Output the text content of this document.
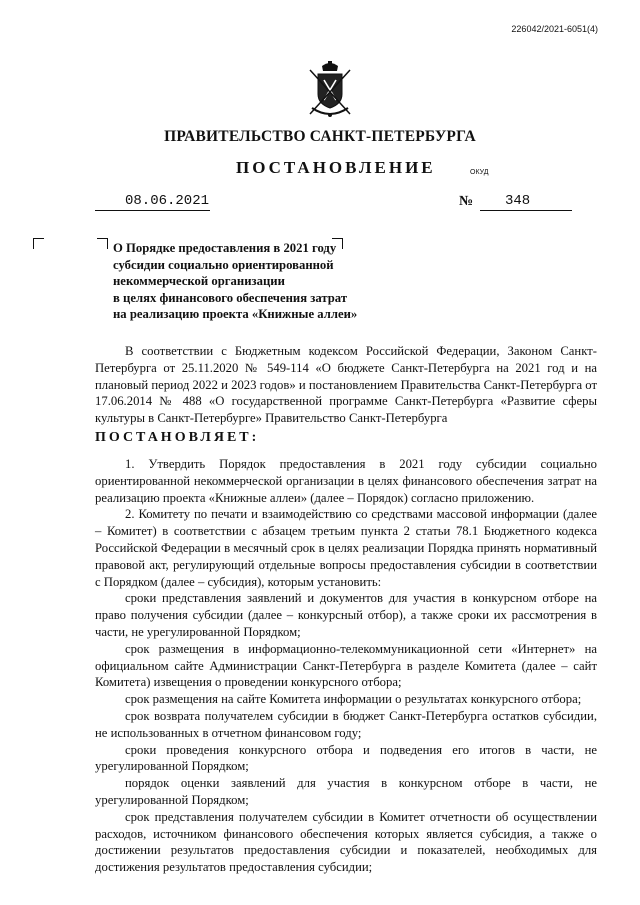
226042/2021-6051(4)
ПРАВИТЕЛЬСТВО САНКТ-ПЕТЕРБУРГА
ПОСТАНОВЛЕНИЕ	ОКУД
08.06.2021	№ 348
О Порядке предоставления в 2021 году
субсидии социально ориентированной
некоммерческой организации
в целях финансового обеспечения затрат
на реализацию проекта «Книжные аллеи»
В соответствии с Бюджетным кодексом Российской Федерации, Законом Санкт-Петербурга от 25.11.2020 № 549-114 «О бюджете Санкт-Петербурга на 2021 год и на плановый период 2022 и 2023 годов» и постановлением Правительства Санкт-Петербурга от 17.06.2014 № 488 «О государственной программе Санкт-Петербурга «Развитие сферы культуры в Санкт-Петербурге» Правительство Санкт-Петербурга
ПОСТАНОВЛЯЕТ:

1. Утвердить Порядок предоставления в 2021 году субсидии социально ориентированной некоммерческой организации в целях финансового обеспечения затрат на реализацию проекта «Книжные аллеи» (далее – Порядок) согласно приложению.

2. Комитету по печати и взаимодействию со средствами массовой информации (далее – Комитет) в соответствии с абзацем третьим пункта 2 статьи 78.1 Бюджетного кодекса Российской Федерации в месячный срок в целях реализации Порядка принять нормативный правовой акт, регулирующий отдельные вопросы предоставления субсидии в соответствии с Порядком (далее – субсидия), которым установить:

сроки представления заявлений и документов для участия в конкурсном отборе на право получения субсидии (далее – конкурсный отбор), а также сроки их рассмотрения в части, не урегулированной Порядком;

срок размещения в информационно-телекоммуникационной сети «Интернет» на официальном сайте Администрации Санкт-Петербурга в разделе Комитета (далее – сайт Комитета) извещения о проведении конкурсного отбора;

срок размещения на сайте Комитета информации о результатах конкурсного отбора;

срок возврата получателем субсидии в бюджет Санкт-Петербурга остатков субсидии, не использованных в отчетном финансовом году;

сроки проведения конкурсного отбора и подведения его итогов в части, не урегулированной Порядком;

порядок оценки заявлений для участия в конкурсном отборе в части, не урегулированной Порядком;

срок представления получателем субсидии в Комитет отчетности об осуществлении расходов, источником финансового обеспечения которых является субсидия, а также о достижении результатов предоставления субсидии и показателей, необходимых для достижения результатов предоставления субсидии;
